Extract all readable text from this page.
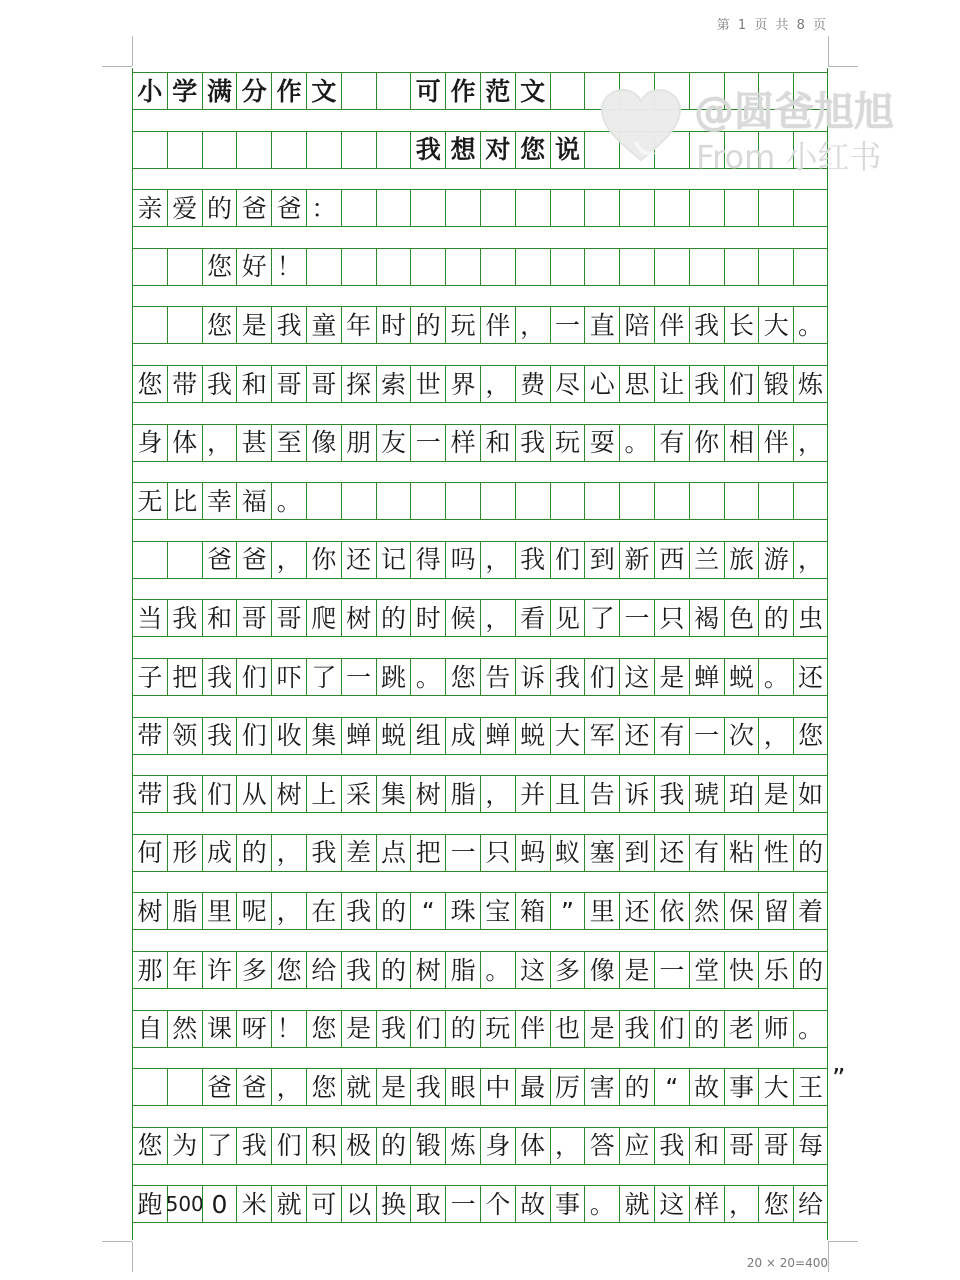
第 1 页 共 8 页
小 学 满 分 作 文	可 作 范 文
我 想 对 您 说
亲 爱 的 爸 爸 ：
您 好 ！
您 是 我 童 年 时 的 玩 伴 ， 一 直 陪 伴 我 长 大 。
您 带 我 和 哥 哥 探 索 世 界 ， 费 尽 心 思 让 我 们 锻 炼
身 体 ， 甚 至 像 朋 友 一 样 和 我 玩 耍 。 有 你 相 伴 ，
无 比 幸 福 。
爸 爸 ， 你 还 记 得 吗 ， 我 们 到 新 西 兰 旅 游 ，
当 我 和 哥 哥 爬 树 的 时 候 ， 看 见 了 一 只 褐 色 的 虫
子 把 我 们 吓 了 一 跳 。 您 告 诉 我 们 这 是 蝉 蜕 。 还
带 领 我 们 收 集 蝉 蜕 组 成 蝉 蜕 大 军 还 有 一 次 ， 您
带 我 们 从 树 上 采 集 树 脂 ， 并 且 告 诉 我 琥 珀 是 如
何 形 成 的 ， 我 差 点 把 一 只 蚂 蚁 塞 到 还 有 粘 性 的
树 脂 里 呢 ， 在 我 的 “ 珠 宝 箱 ” 里 还 依 然 保 留 着
那 年 许 多 您 给 我 的 树 脂 。 这 多 像 是 一 堂 快 乐 的
自 然 课 呀 ！ 您 是 我 们 的 玩 伴 也 是 我 们 的 老 师 。
爸 爸 ， 您 就 是 我 眼 中 最 厉 害 的 “ 故 事 大 王
您 为 了 我 们 积 极 的 锻 炼 身 体 ， 答 应 我 和 哥 哥 每
跑 500 0 米 就 可 以 换 取 一 个 故 事 。 就 这 样 ， 您 给
”
20 × 20=400
@圆爸旭旭
From 小红书
